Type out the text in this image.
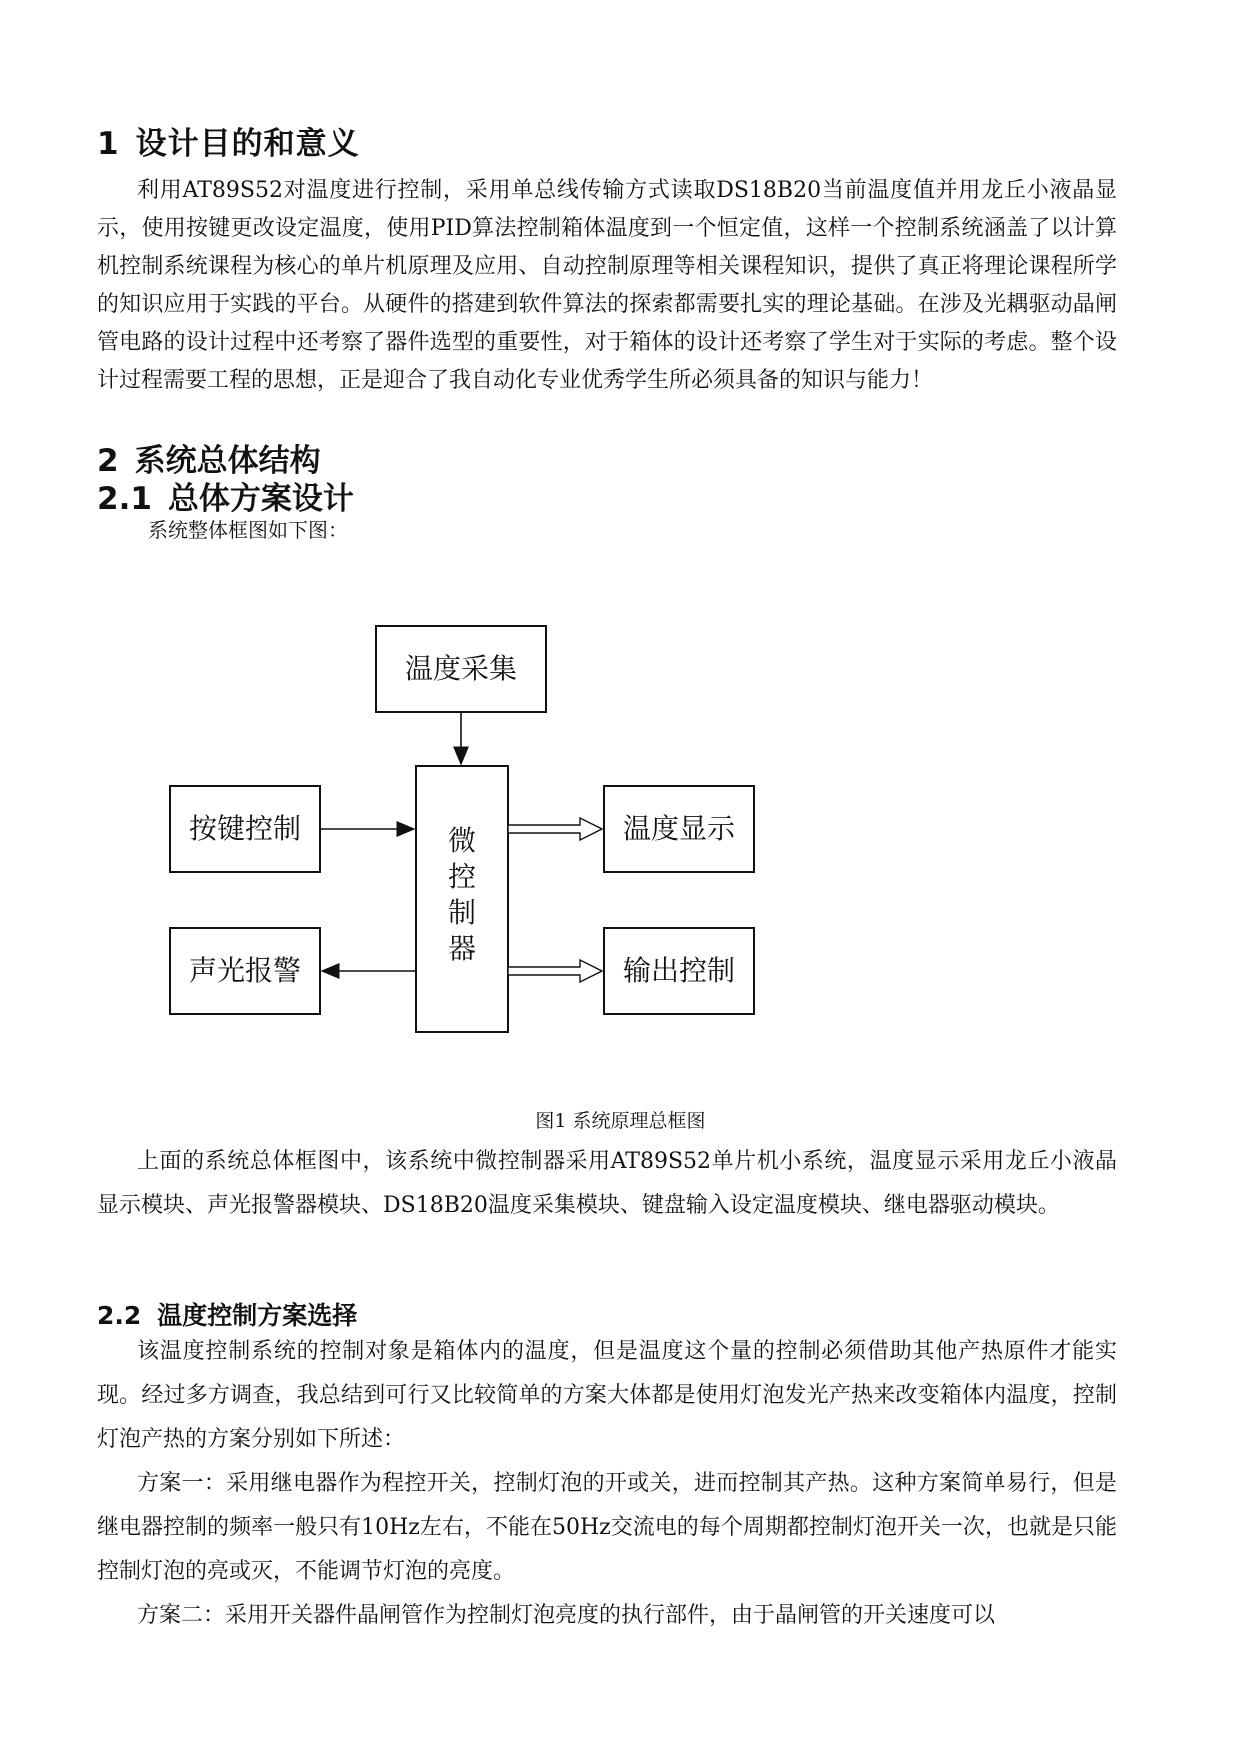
1 设计目的和意义

利用AT89S52对温度进行控制，采用单总线传输方式读取DS18B20当前温度值并用龙丘小液晶显示，使用按键更改设定温度，使用PID算法控制箱体温度到一个恒定值，这样一个控制系统涵盖了以计算机控制系统课程为核心的单片机原理及应用、自动控制原理等相关课程知识，提供了真正将理论课程所学的知识应用于实践的平台。从硬件的搭建到软件算法的探索都需要扎实的理论基础。在涉及光耦驱动晶闸管电路的设计过程中还考察了器件选型的重要性，对于箱体的设计还考察了学生对于实际的考虑。整个设计过程需要工程的思想，正是迎合了我自动化专业优秀学生所必须具备的知识与能力！

2 系统总体结构
2.1 总体方案设计
系统整体框图如下图：
温度采集
微
控
制
器
按键控制
声光报警
温度显示
输出控制
图1 系统原理总框图

上面的系统总体框图中，该系统中微控制器采用AT89S52单片机小系统，温度显示采用龙丘小液晶显示模块、声光报警器模块、DS18B20温度采集模块、键盘输入设定温度模块、继电器驱动模块。

2.2 温度控制方案选择

该温度控制系统的控制对象是箱体内的温度，但是温度这个量的控制必须借助其他产热原件才能实现。经过多方调查，我总结到可行又比较简单的方案大体都是使用灯泡发光产热来改变箱体内温度，控制灯泡产热的方案分别如下所述：

方案一：采用继电器作为程控开关，控制灯泡的开或关，进而控制其产热。这种方案简单易行，但是继电器控制的频率一般只有10Hz左右，不能在50Hz交流电的每个周期都控制灯泡开关一次，也就是只能控制灯泡的亮或灭，不能调节灯泡的亮度。

方案二：采用开关器件晶闸管作为控制灯泡亮度的执行部件，由于晶闸管的开关速度可以
